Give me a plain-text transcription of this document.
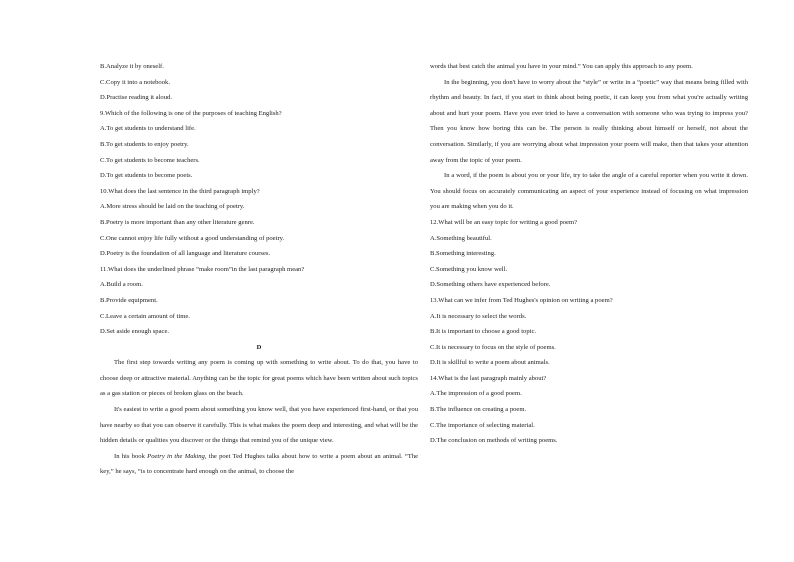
B.Analyze it by oneself.

C.Copy it into a notebook.

D.Practise reading it aloud.

9.Which of the following is one of the purposes of teaching English?

A.To get students to understand life.

B.To get students to enjoy poetry.

C.To get students to become teachers.

D.To get students to become poets.

10.What does the last sentence in the third paragraph imply?

A.More stress should be laid on the teaching of poetry.

B.Poetry is more important than any other literature genre.

C.One cannot enjoy life fully without a good understanding of poetry.

D.Poetry is the foundation of all language and literature courses.

11.What does the underlined phrase “make room”in the last paragraph mean?

A.Build a room.

B.Provide equipment.

C.Leave a certain amount of time.

D.Set aside enough space.

D

The first step towards writing any poem is coming up with something to write about. To do that, you have to choose deep or attractive material. Anything can be the topic for great poems which have been written about such topics as a gas station or pieces of broken glass on the beach.

It's easiest to write a good poem about something you know well, that you have experienced first-hand, or that you have nearby so that you can observe it carefully. This is what makes the poem deep and interesting, and what will be the hidden details or qualities you discover or the things that remind you of the unique view.

In his book Poetry in the Making, the poet Ted Hughes talks about how to write a poem about an animal. “The key,” he says, “is to concentrate hard enough on the animal, to choose the

words that best catch the animal you have in your mind.” You can apply this approach to any poem.

In the beginning, you don't have to worry about the “style” or write in a “poetic” way that means being filled with rhythm and beauty. In fact, if you start to think about being poetic, it can keep you from what you're actually writing about and hurt your poem. Have you ever tried to have a conversation with someone who was trying to impress you? Then you know how boring this can be. The person is really thinking about himself or herself, not about the conversation. Similarly, if you are worrying about what impression your poem will make, then that takes your attention away from the topic of your poem.

In a word, if the poem is about you or your life, try to take the angle of a careful reporter when you write it down. You should focus on accurately communicating an aspect of your experience instead of focusing on what impression you are making when you do it.

12.What will be an easy topic for writing a good poem?

A.Something beautiful.

B.Something interesting.

C.Something you know well.

D.Something others have experienced before.

13.What can we infer from Ted Hughes's opinion on writing a poem?

A.It is necessary to select the words.

B.It is important to choose a good topic.

C.It is necessary to focus on the style of poems.

D.It is skillful to write a poem about animals.

14.What is the last paragraph mainly about?

A.The impression of a good poem.

B.The influence on creating a poem.

C.The importance of selecting material.

D.The conclusion on methods of writing poems.
